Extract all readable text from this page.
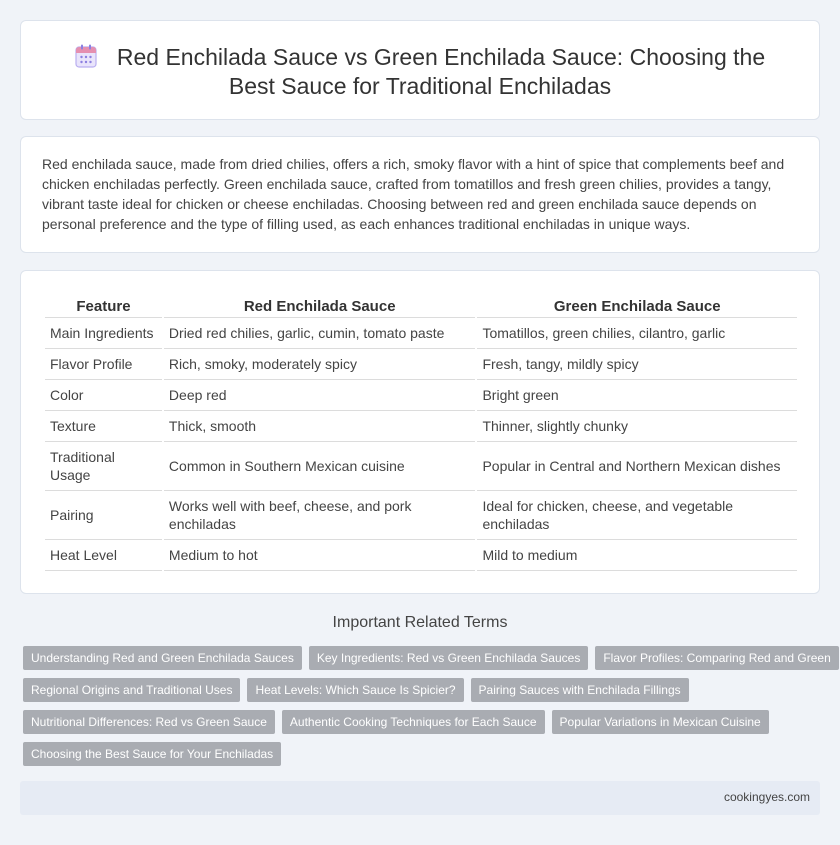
Red Enchilada Sauce vs Green Enchilada Sauce: Choosing the
Best Sauce for Traditional Enchiladas

Red enchilada sauce, made from dried chilies, offers a rich, smoky flavor with a hint of spice that complements beef and chicken enchiladas perfectly. Green enchilada sauce, crafted from tomatillos and fresh green chilies, provides a tangy, vibrant taste ideal for chicken or cheese enchiladas. Choosing between red and green enchilada sauce depends on personal preference and the type of filling used, as each enhances traditional enchiladas in unique ways.

Feature	Red Enchilada Sauce	Green Enchilada Sauce
Main Ingredients	Dried red chilies, garlic, cumin, tomato paste	Tomatillos, green chilies, cilantro, garlic
Flavor Profile	Rich, smoky, moderately spicy	Fresh, tangy, mildly spicy
Color	Deep red	Bright green
Texture	Thick, smooth	Thinner, slightly chunky
Traditional Usage	Common in Southern Mexican cuisine	Popular in Central and Northern Mexican dishes
Pairing	Works well with beef, cheese, and pork enchiladas	Ideal for chicken, cheese, and vegetable enchiladas
Heat Level	Medium to hot	Mild to medium
Important Related Terms
Understanding Red and Green Enchilada Sauces	Key Ingredients: Red vs Green Enchilada Sauces	Flavor Profiles: Comparing Red and Green
Regional Origins and Traditional Uses	Heat Levels: Which Sauce Is Spicier?	Pairing Sauces with Enchilada Fillings
Nutritional Differences: Red vs Green Sauce	Authentic Cooking Techniques for Each Sauce	Popular Variations in Mexican Cuisine
Choosing the Best Sauce for Your Enchiladas
cookingyes.com
